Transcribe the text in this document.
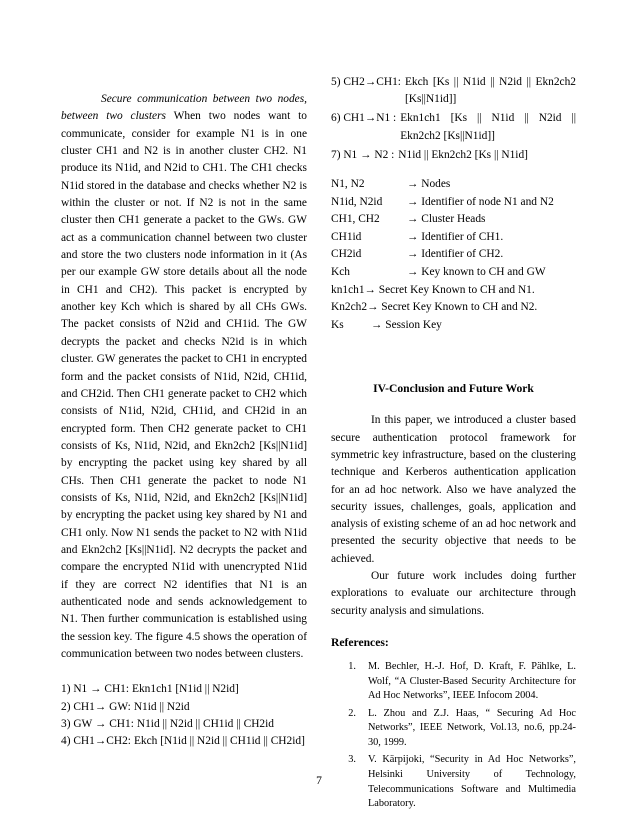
Secure communication between two nodes, between two clusters When two nodes want to communicate, consider for example N1 is in one cluster CH1 and N2 is in another cluster CH2. N1 produce its N1id, and N2id to CH1. The CH1 checks N1id stored in the database and checks whether N2 is within the cluster or not. If N2 is not in the same cluster then CH1 generate a packet to the GWs. GW act as a communication channel between two cluster and store the two clusters node information in it (As per our example GW store details about all the node in CH1 and CH2). This packet is encrypted by another key Kch which is shared by all CHs GWs. The packet consists of N2id and CH1id. The GW decrypts the packet and checks N2id is in which cluster. GW generates the packet to CH1 in encrypted form and the packet consists of N1id, N2id, CH1id, and CH2id. Then CH1 generate packet to CH2 which consists of N1id, N2id, CH1id, and CH2id in an encrypted form. Then CH2 generate packet to CH1 consists of Ks, N1id, N2id, and Ekn2ch2 [Ks||N1id] by encrypting the packet using key shared by all CHs. Then CH1 generate the packet to node N1 consists of Ks, N1id, N2id, and Ekn2ch2 [Ks||N1id] by encrypting the packet using key shared by N1 and CH1 only. Now N1 sends the packet to N2 with N1id and Ekn2ch2 [Ks||N1id]. N2 decrypts the packet and compare the encrypted N1id with unencrypted N1id if they are correct N2 identifies that N1 is an authenticated node and sends acknowledgement to N1. Then further communication is established using the session key. The figure 4.5 shows the operation of communication between two nodes between clusters.

1) N1 → CH1: Ekn1ch1 [N1id || N2id]
2) CH1→ GW: N1id || N2id
3) GW → CH1: N1id || N2id || CH1id || CH2id
4) CH1→CH2: Ekch [N1id || N2id || CH1id || CH2id]
5) CH2→CH1: Ekch [Ks || N1id || N2id || Ekn2ch2 [Ks||N1id]]
6) CH1→N1 : Ekn1ch1 [Ks || N1id || N2id || Ekn2ch2 [Ks||N1id]]
7) N1 → N2 : N1id || Ekn2ch2 [Ks || N1id]
N1, N2	→ Nodes
N1id, N2id → Identifier of node N1 and N2
CH1, CH2 → Cluster Heads
CH1id	→ Identifier of CH1.
CH2id	→ Identifier of CH2.
Kch	→ Key known to CH and GW
kn1ch1→ Secret Key Known to CH and N1.
Kn2ch2→ Secret Key Known to CH and N2.
Ks → Session Key
IV-Conclusion and Future Work

In this paper, we introduced a cluster based secure authentication protocol framework for symmetric key infrastructure, based on the clustering technique and Kerberos authentication application for an ad hoc network. Also we have analyzed the security issues, challenges, goals, application and analysis of existing scheme of an ad hoc network and presented the security objective that needs to be achieved.

Our future work includes doing further explorations to evaluate our architecture through security analysis and simulations.

References:
1.	M. Bechler, H.-J. Hof, D. Kraft, F. Pählke, L. Wolf, “A Cluster-Based Security Architecture for Ad Hoc Networks”, IEEE Infocom 2004.
2.	L. Zhou and Z.J. Haas, “ Securing Ad Hoc Networks”, IEEE Network, Vol.13, no.6, pp.24-30, 1999.
3.	V. Kärpijoki, “Security in Ad Hoc Networks”, Helsinki University of Technology, Telecommunications Software and Multimedia Laboratory.
7
